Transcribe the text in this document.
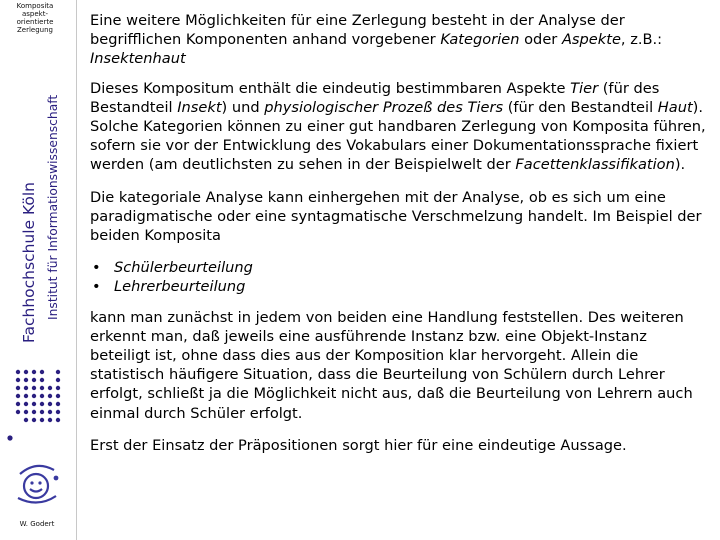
Komposita
aspekt-
orientierte
Zerlegung
Fachhochschule Köln Institut für Informationswissenschaft
W. Godert

Eine weitere Möglichkeiten für eine Zerlegung besteht in der Analyse der begrifflichen Komponenten anhand vorgebener Kategorien oder Aspekte, z.B.: Insektenhaut

Dieses Kompositum enthält die eindeutig bestimmbaren Aspekte Tier (für des Bestandteil Insekt) und physiologischer Prozeß des Tiers (für den Bestandteil Haut). Solche Kategorien können zu einer gut handbaren Zerlegung von Komposita führen, sofern sie vor der Entwicklung des Vokabulars einer Dokumentationssprache fixiert werden (am deutlichsten zu sehen in der Beispielwelt der Facettenklassifikation).

Die kategoriale Analyse kann einhergehen mit der Analyse, ob es sich um eine paradigmatische oder eine syntagmatische Verschmelzung handelt. Im Beispiel der beiden Komposita

• Schülerbeurteilung
• Lehrerbeurteilung

kann man zunächst in jedem von beiden eine Handlung feststellen. Des weiteren erkennt man, daß jeweils eine ausführende Instanz bzw. eine Objekt-Instanz beteiligt ist, ohne dass dies aus der Komposition klar hervorgeht. Allein die statistisch häufigere Situation, dass die Beurteilung von Schülern durch Lehrer erfolgt, schließt ja die Möglichkeit nicht aus, daß die Beurteilung von Lehrern auch einmal durch Schüler erfolgt.

Erst der Einsatz der Präpositionen sorgt hier für eine eindeutige Aussage.
